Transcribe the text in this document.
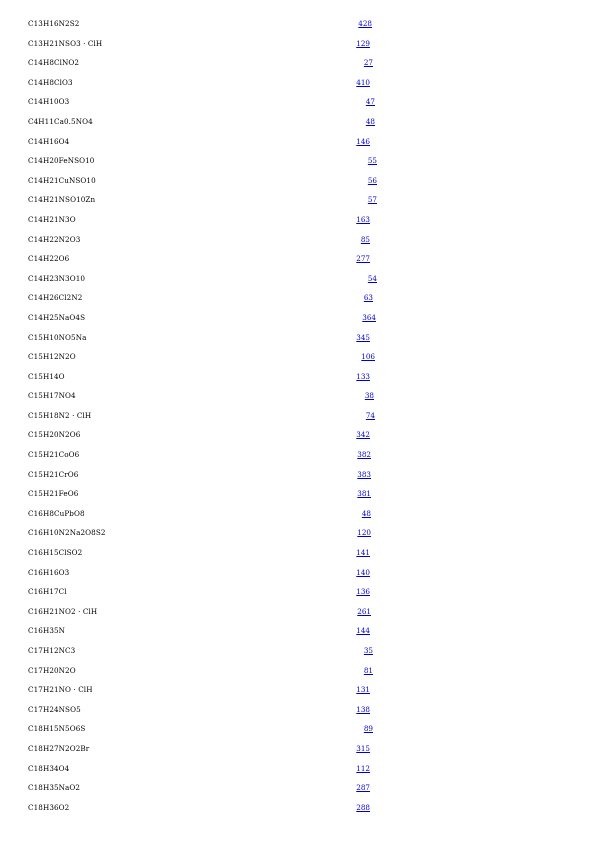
C13H16N2S2	428
C13H21NSO3 · ClH	129
C14H8ClNO2	27
C14H8ClO3	410
C14H10O3	47
C4H11Ca0.5NO4	48
C14H16O4	146
C14H20FeNSO10	55
C14H21CuNSO10	56
C14H21NSO10Zn	57
C14H21N3O	163
C14H22N2O3	85
C14H22O6	277
C14H23N3O10	54
C14H26Cl2N2	63
C14H25NaO4S	364
C15H10NO5Na	345
C15H12N2O	106
C15H14O	133
C15H17NO4	38
C15H18N2 · ClH	74
C15H20N2O6	342
C15H21CoO6	382
C15H21CrO6	383
C15H21FeO6	381
C16H8CuPbO8	48
C16H10N2Na2O8S2	120
C16H15ClSO2	141
C16H16O3	140
C16H17Cl	136
C16H21NO2 · ClH	261
C16H35N	144
C17H12NC3	35
C17H20N2O	81
C17H21NO · ClH	131
C17H24NSO5	138
C18H15N5O6S	89
C18H27N2O2Br	315
C18H34O4	112
C18H35NaO2	287
C18H36O2	288
